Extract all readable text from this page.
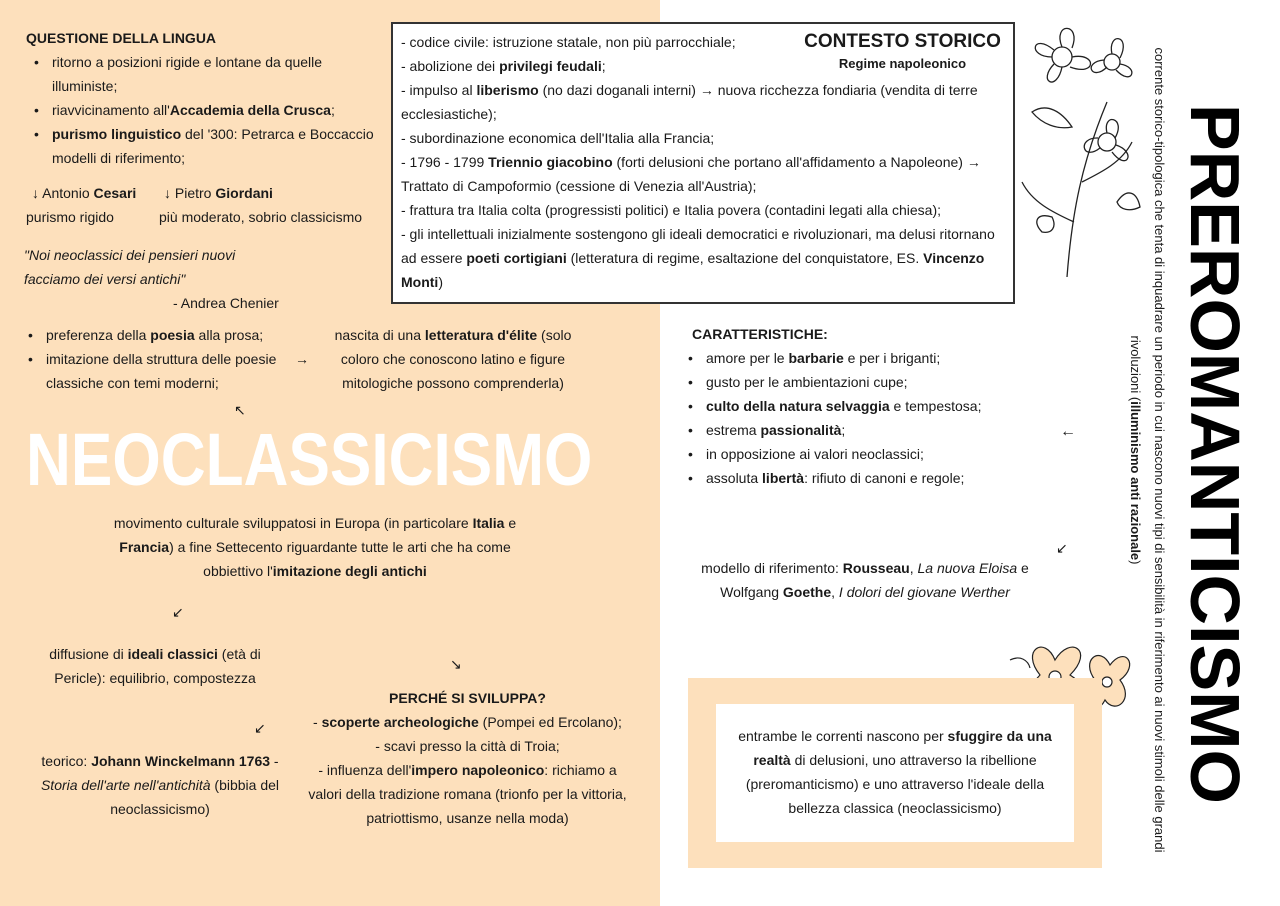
QUESTIONE DELLA LINGUA
• ritorno a posizioni rigide e lontane da quelle illuministe;
• riavvicinamento all'Accademia della Crusca;
• purismo linguistico del '300: Petrarca e Boccaccio modelli di riferimento;
↓ Antonio Cesari
purismo rigido
↓ Pietro Giordani
più moderato, sobrio classicismo
"Noi neoclassici dei pensieri nuovi facciamo dei versi antichi"
- Andrea Chenier
• preferenza della poesia alla prosa;
• imitazione della struttura delle poesie classiche con temi moderni;
→
nascita di una letteratura d'élite (solo coloro che conoscono latino e figure mitologiche possono comprenderla)
↖
NEOCLASSICISMO
movimento culturale sviluppatosi in Europa (in particolare Italia e Francia) a fine Settecento riguardante tutte le arti che ha come obbiettivo l'imitazione degli antichi
↙
diffusione di ideali classici (età di Pericle): equilibrio, compostezza
↘
↙
teorico: Johann Winckelmann 1763 - Storia dell'arte nell'antichità (bibbia del neoclassicismo)
PERCHÉ SI SVILUPPA?
- scoperte archeologiche (Pompei ed Ercolano);
- scavi presso la città di Troia;
- influenza dell'impero napoleonico: richiamo a valori della tradizione romana (trionfo per la vittoria, patriottismo, usanze nella moda)
CONTESTO STORICO
Regime napoleonico
- codice civile: istruzione statale, non più parrocchiale;
- abolizione dei privilegi feudali;
- impulso al liberismo (no dazi doganali interni) → nuova ricchezza fondiaria (vendita di terre ecclesiastiche);
- subordinazione economica dell'Italia alla Francia;
- 1796 - 1799 Triennio giacobino (forti delusioni che portano all'affidamento a Napoleone) → Trattato di Campoformio (cessione di Venezia all'Austria);
- frattura tra Italia colta (progressisti politici) e Italia povera (contadini legati alla chiesa);
- gli intellettuali inizialmente sostengono gli ideali democratici e rivoluzionari, ma delusi ritornano ad essere poeti cortigiani (letteratura di regime, esaltazione del conquistatore, ES. Vincenzo Monti)
CARATTERISTICHE:
• amore per le barbarie e per i briganti;
• gusto per le ambientazioni cupe;
• culto della natura selvaggia e tempestosa;
• estrema passionalità;
• in opposizione ai valori neoclassici;
• assoluta libertà: rifiuto di canoni e regole;
←
↙
modello di riferimento: Rousseau, La nuova Eloisa e Wolfgang Goethe, I dolori del giovane Werther
entrambe le correnti nascono per sfuggire da una realtà di delusioni, uno attraverso la ribellione (preromanticismo) e uno attraverso l'ideale della bellezza classica (neoclassicismo)
PREROMANTICISMO
corrente storico-tipologica che tenta di inquadrare un periodo in cui nascono nuovi tipi di sensibilità in riferimento ai nuovi stimoli delle grandi rivoluzioni (illuminismo anti razionale)
